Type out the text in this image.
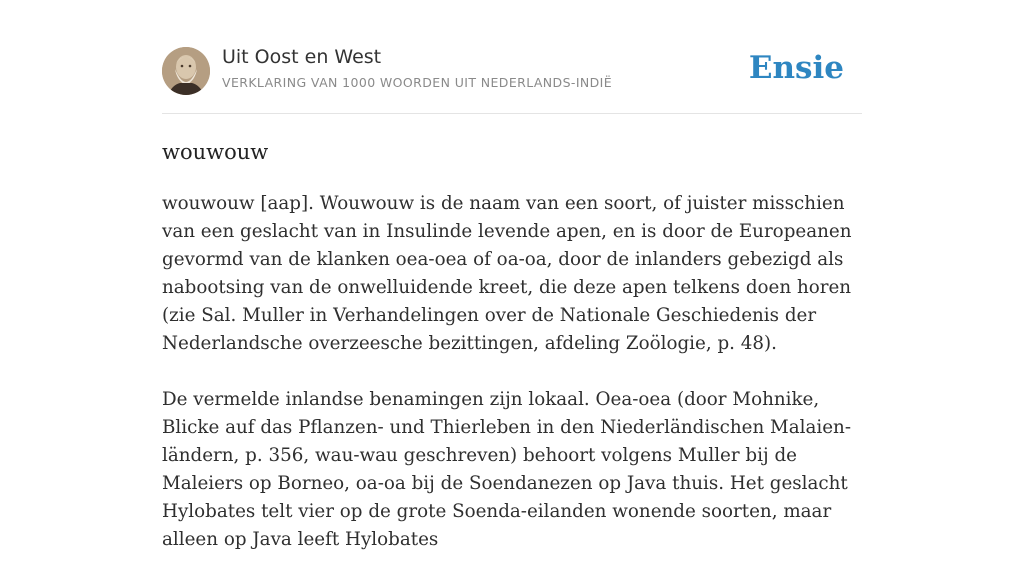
Uit Oost en West
VERKLARING VAN 1000 WOORDEN UIT NEDERLANDS-INDIË	Ensie
wouwouw

wouwouw [aap]. Wouwouw is de naam van een soort, of juister misschien van een geslacht van in Insulinde levende apen, en is door de Europeanen gevormd van de klanken oea-oea of oa-oa, door de inlanders gebezigd als nabootsing van de onwelluidende kreet, die deze apen telkens doen horen (zie Sal. Muller in Verhandelingen over de Nationale Geschiedenis der Nederlandsche overzeesche bezittingen, afdeling Zoölogie, p. 48).

De vermelde inlandse benamingen zijn lokaal. Oea-oea (door Mohnike, Blicke auf das Pflanzen- und Thierleben in den Niederländischen Malaien-ländern, p. 356, wau-wau geschreven) behoort volgens Muller bij de Maleiers op Borneo, oa-oa bij de Soendanezen op Java thuis. Het geslacht Hylobates telt vier op de grote Soenda-eilanden wonende soorten, maar alleen op Java leeft Hylobates
